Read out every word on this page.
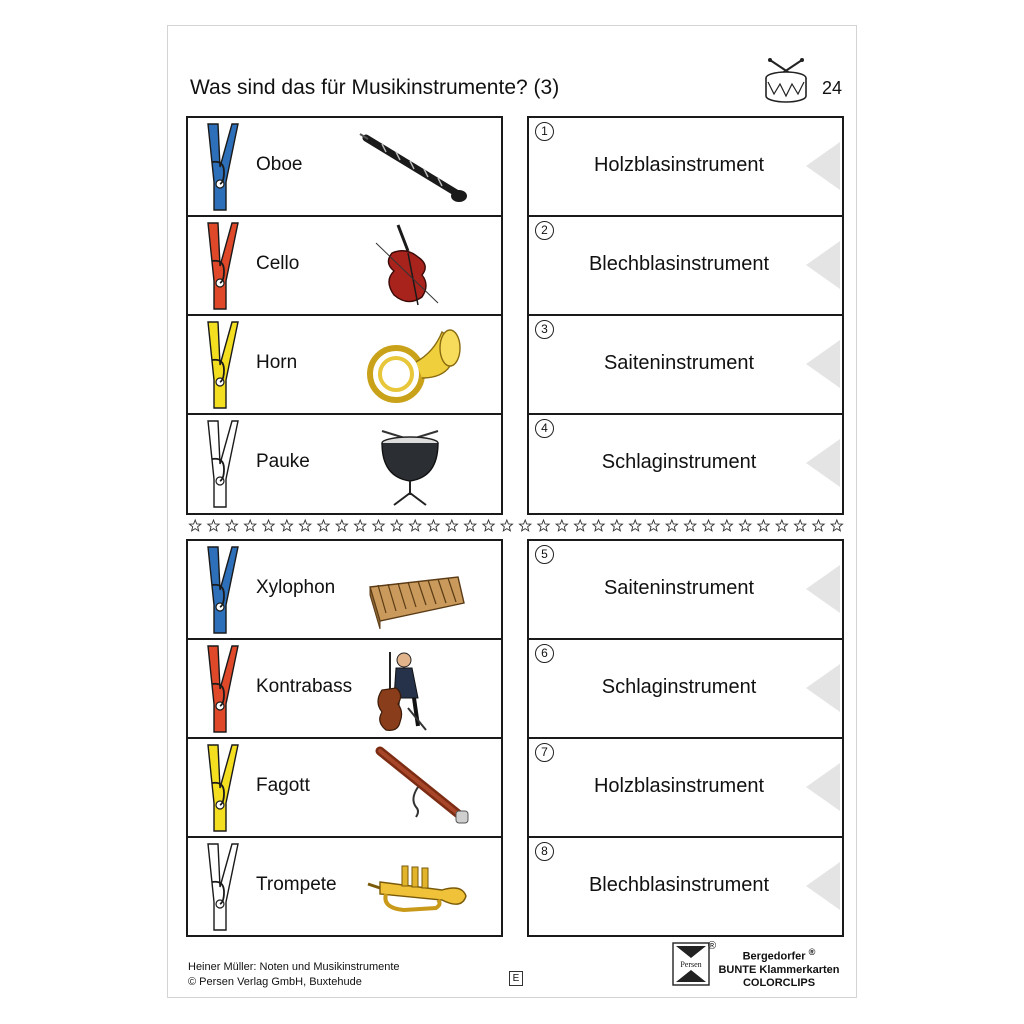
Was sind das für Musikinstrumente? (3)	24
Oboe
Cello
Horn
Pauke
1
Holzblasinstrument
2
Blechblasinstrument
3
Saiteninstrument
4
Schlaginstrument
Xylophon
Kontrabass
Fagott
Trompete
5
Saiteninstrument
6
Schlaginstrument
7
Holzblasinstrument
8
Blechblasinstrument
Heiner Müller: Noten und Musikinstrumente
© Persen Verlag GmbH, Buxtehude	E
Persen
®
Bergedorfer ®
BUNTE Klammerkarten
COLORCLIPS
